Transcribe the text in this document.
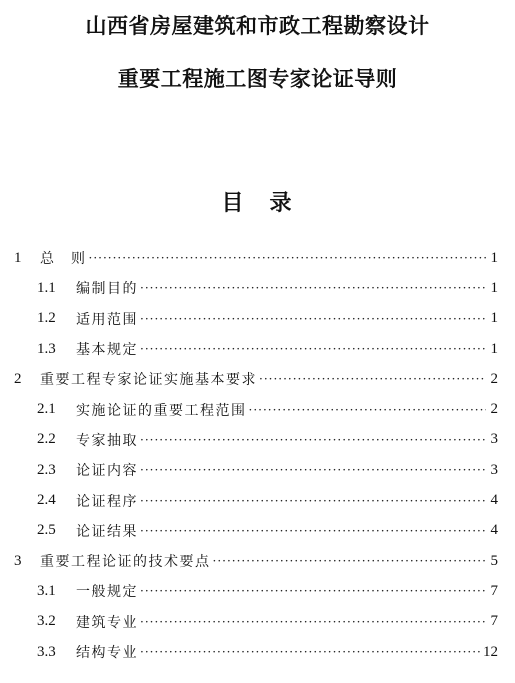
山西省房屋建筑和市政工程勘察设计
重要工程施工图专家论证导则
目　录
1	总　则 ·····	1
1.1	编制目的 ·····	1
1.2	适用范围 ·····	1
1.3	基本规定 ·····	1
2	重要工程专家论证实施基本要求 ·····	2
2.1	实施论证的重要工程范围 ·····	2
2.2	专家抽取 ·····	3
2.3	论证内容 ·····	3
2.4	论证程序 ·····	4
2.5	论证结果 ·····	4
3	重要工程论证的技术要点 ·····	5
3.1	一般规定 ·····	7
3.2	建筑专业 ·····	7
3.3	结构专业 ·····	12
